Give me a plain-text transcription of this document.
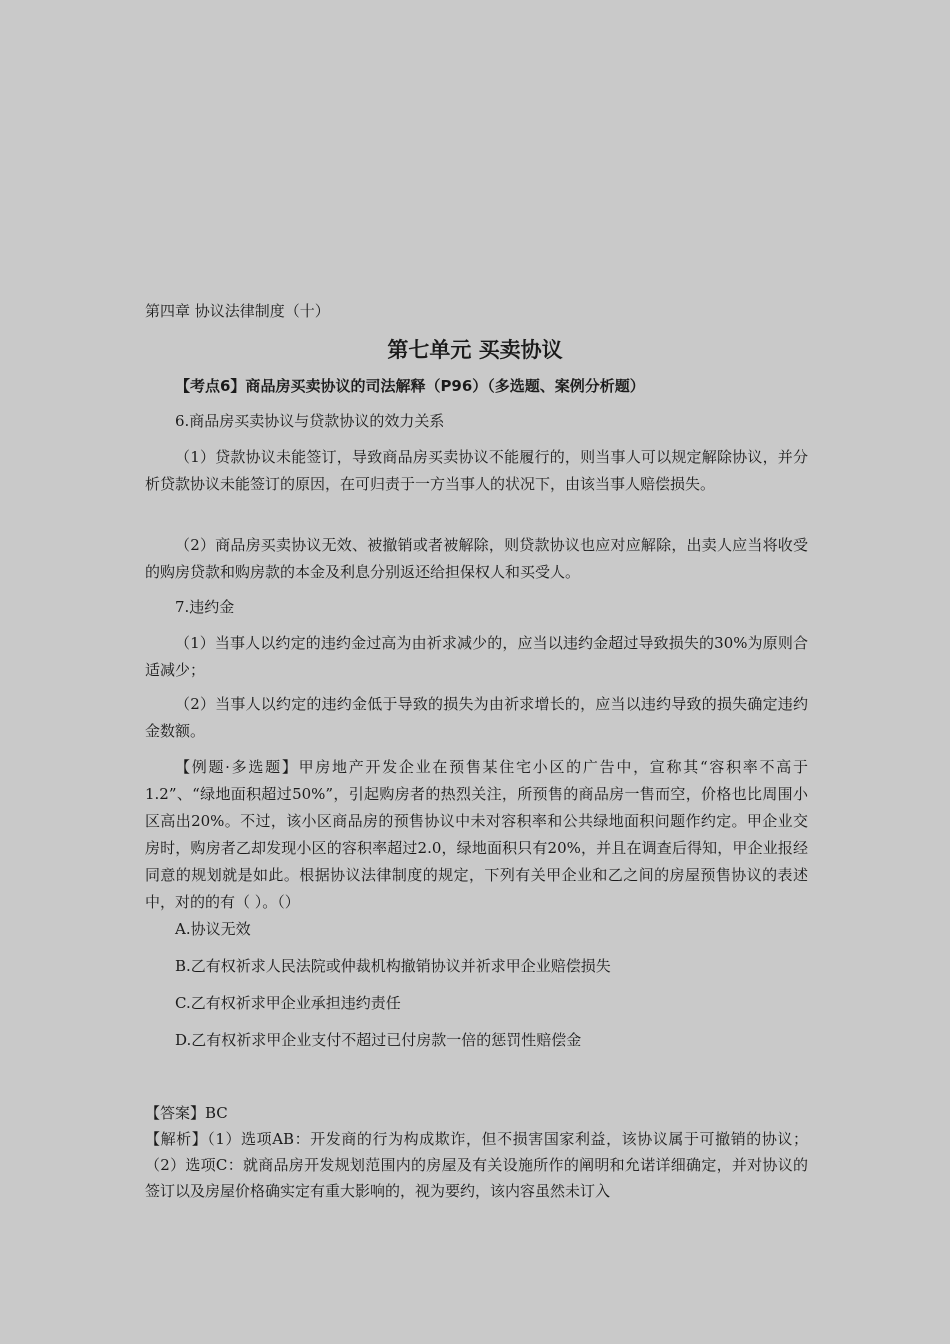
第四章 协议法律制度（十）
第七单元 买卖协议
【考点6】商品房买卖协议的司法解释（P96）（多选题、案例分析题）
6.商品房买卖协议与贷款协议的效力关系
（1）贷款协议未能签订，导致商品房买卖协议不能履行的，则当事人可以规定解除协议，并分析贷款协议未能签订的原因，在可归责于一方当事人的状况下，由该当事人赔偿损失。
（2）商品房买卖协议无效、被撤销或者被解除，则贷款协议也应对应解除，出卖人应当将收受的购房贷款和购房款的本金及利息分别返还给担保权人和买受人。
7.违约金
（1）当事人以约定的违约金过高为由祈求减少的，应当以违约金超过导致损失的30%为原则合适减少；
（2）当事人以约定的违约金低于导致的损失为由祈求增长的，应当以违约导致的损失确定违约金数额。
【例题·多选题】甲房地产开发企业在预售某住宅小区的广告中，宣称其“容积率不高于1.2”、“绿地面积超过50%”，引起购房者的热烈关注，所预售的商品房一售而空，价格也比周围小区高出20%。不过，该小区商品房的预售协议中未对容积率和公共绿地面积问题作约定。甲企业交房时，购房者乙却发现小区的容积率超过2.0，绿地面积只有20%，并且在调查后得知，甲企业报经同意的规划就是如此。根据协议法律制度的规定，下列有关甲企业和乙之间的房屋预售协议的表述中，对的的有（ ）。（）
A.协议无效
B.乙有权祈求人民法院或仲裁机构撤销协议并祈求甲企业赔偿损失
C.乙有权祈求甲企业承担违约责任
D.乙有权祈求甲企业支付不超过已付房款一倍的惩罚性赔偿金
【答案】BC
【解析】（1）选项AB：开发商的行为构成欺诈，但不损害国家利益，该协议属于可撤销的协议；（2）选项C：就商品房开发规划范围内的房屋及有关设施所作的阐明和允诺详细确定，并对协议的签订以及房屋价格确实定有重大影响的，视为要约，该内容虽然未订入
